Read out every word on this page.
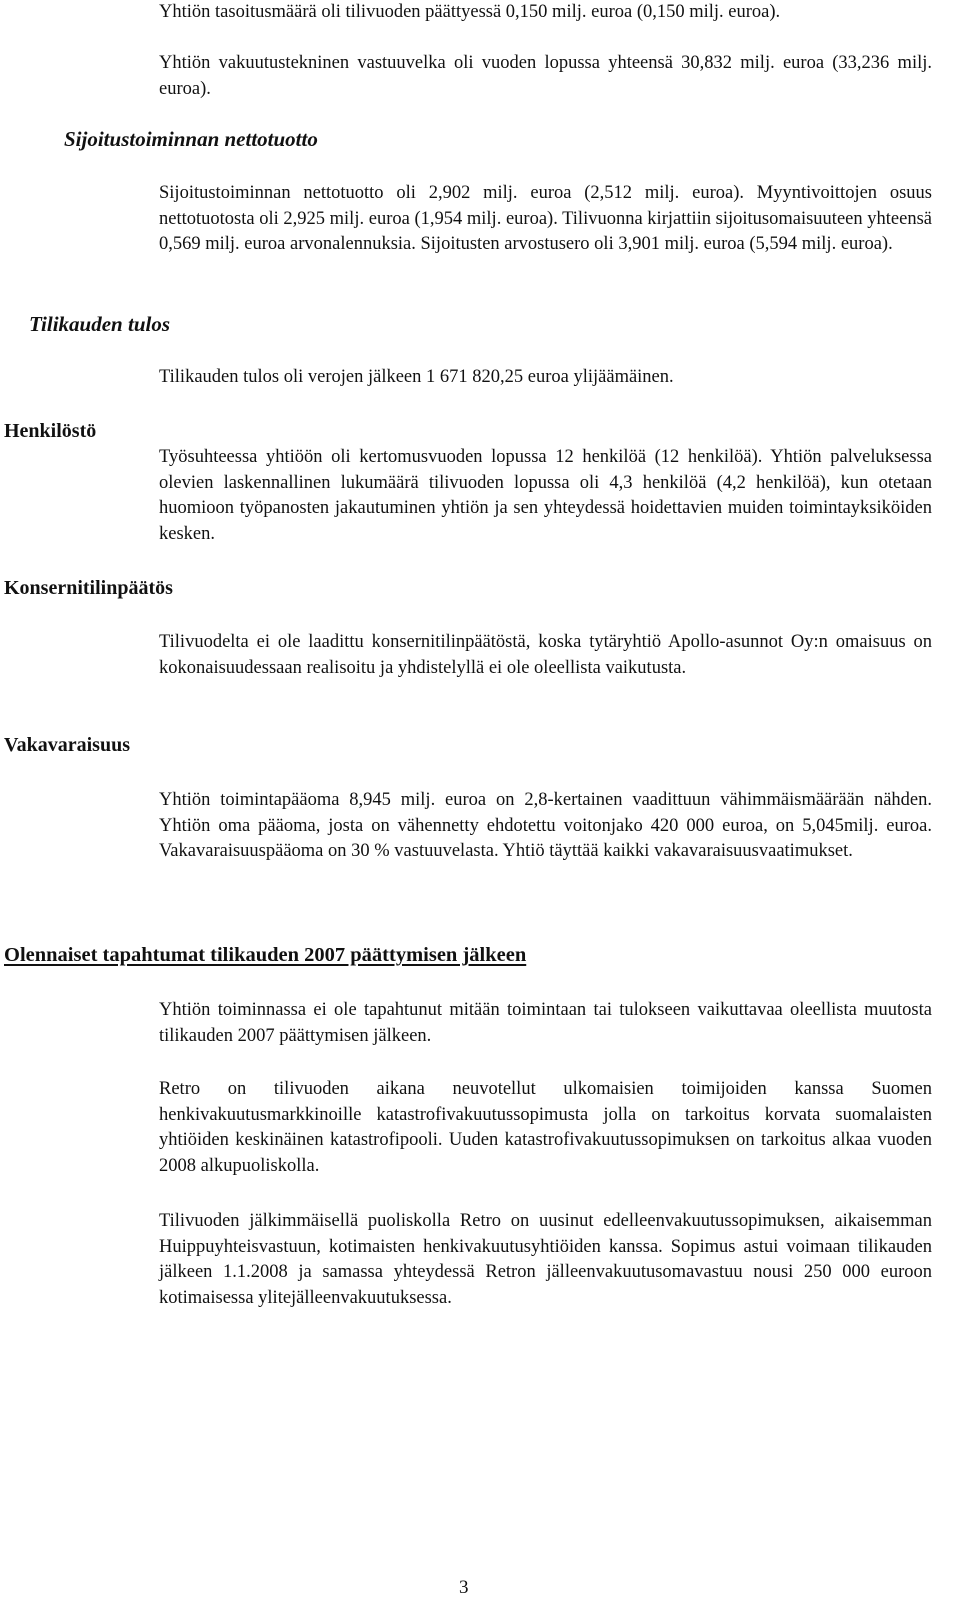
Yhtiön tasoitusmäärä oli tilivuoden päättyessä 0,150 milj. euroa (0,150 milj. euroa).

Yhtiön vakuutustekninen vastuuvelka oli vuoden lopussa yhteensä 30,832 milj. euroa (33,236 milj. euroa).

Sijoitustoiminnan nettotuotto

Sijoitustoiminnan nettotuotto oli 2,902 milj. euroa (2,512 milj. euroa). Myyntivoittojen osuus nettotuotosta oli 2,925 milj. euroa (1,954 milj. euroa). Tilivuonna kirjattiin sijoitusomaisuuteen yhteensä 0,569 milj. euroa arvonalennuksia. Sijoitusten arvostusero oli 3,901 milj. euroa (5,594 milj. euroa).

Tilikauden tulos

Tilikauden tulos oli verojen jälkeen 1 671 820,25 euroa ylijäämäinen.

Henkilöstö

Työsuhteessa yhtiöön oli kertomusvuoden lopussa 12 henkilöä (12 henkilöä). Yhtiön palveluksessa olevien laskennallinen lukumäärä tilivuoden lopussa oli 4,3 henkilöä (4,2 henkilöä), kun otetaan huomioon työpanosten jakautuminen yhtiön ja sen yhteydessä hoidettavien muiden toimintayksiköiden kesken.

Konsernitilinpäätös

Tilivuodelta ei ole laadittu konsernitilinpäätöstä, koska tytäryhtiö Apollo-asunnot Oy:n omaisuus on kokonaisuudessaan realisoitu ja yhdistelyllä ei ole oleellista vaikutusta.

Vakavaraisuus

Yhtiön toimintapääoma 8,945 milj. euroa on 2,8-kertainen vaadittuun vähimmäismäärään nähden. Yhtiön oma pääoma, josta on vähennetty ehdotettu voitonjako 420 000 euroa, on 5,045milj. euroa. Vakavaraisuuspääoma on 30 % vastuuvelasta. Yhtiö täyttää kaikki vakavaraisuusvaatimukset.

Olennaiset tapahtumat tilikauden 2007 päättymisen jälkeen

Yhtiön toiminnassa ei ole tapahtunut mitään toimintaan tai tulokseen vaikuttavaa oleellista muutosta tilikauden 2007 päättymisen jälkeen.

Retro on tilivuoden aikana neuvotellut ulkomaisien toimijoiden kanssa Suomen henkivakuutusmarkkinoille katastrofivakuutussopimusta jolla on tarkoitus korvata suomalaisten yhtiöiden keskinäinen katastrofipooli. Uuden katastrofivakuutussopimuksen on tarkoitus alkaa vuoden 2008 alkupuoliskolla.

Tilivuoden jälkimmäisellä puoliskolla Retro on uusinut edelleenvakuutussopimuksen, aikaisemman Huippuyhteisvastuun, kotimaisten henkivakuutusyhtiöiden kanssa. Sopimus astui voimaan tilikauden jälkeen 1.1.2008 ja samassa yhteydessä Retron jälleenvakuutusomavastuu nousi 250 000 euroon kotimaisessa ylitejälleenvakuutuksessa.

3
